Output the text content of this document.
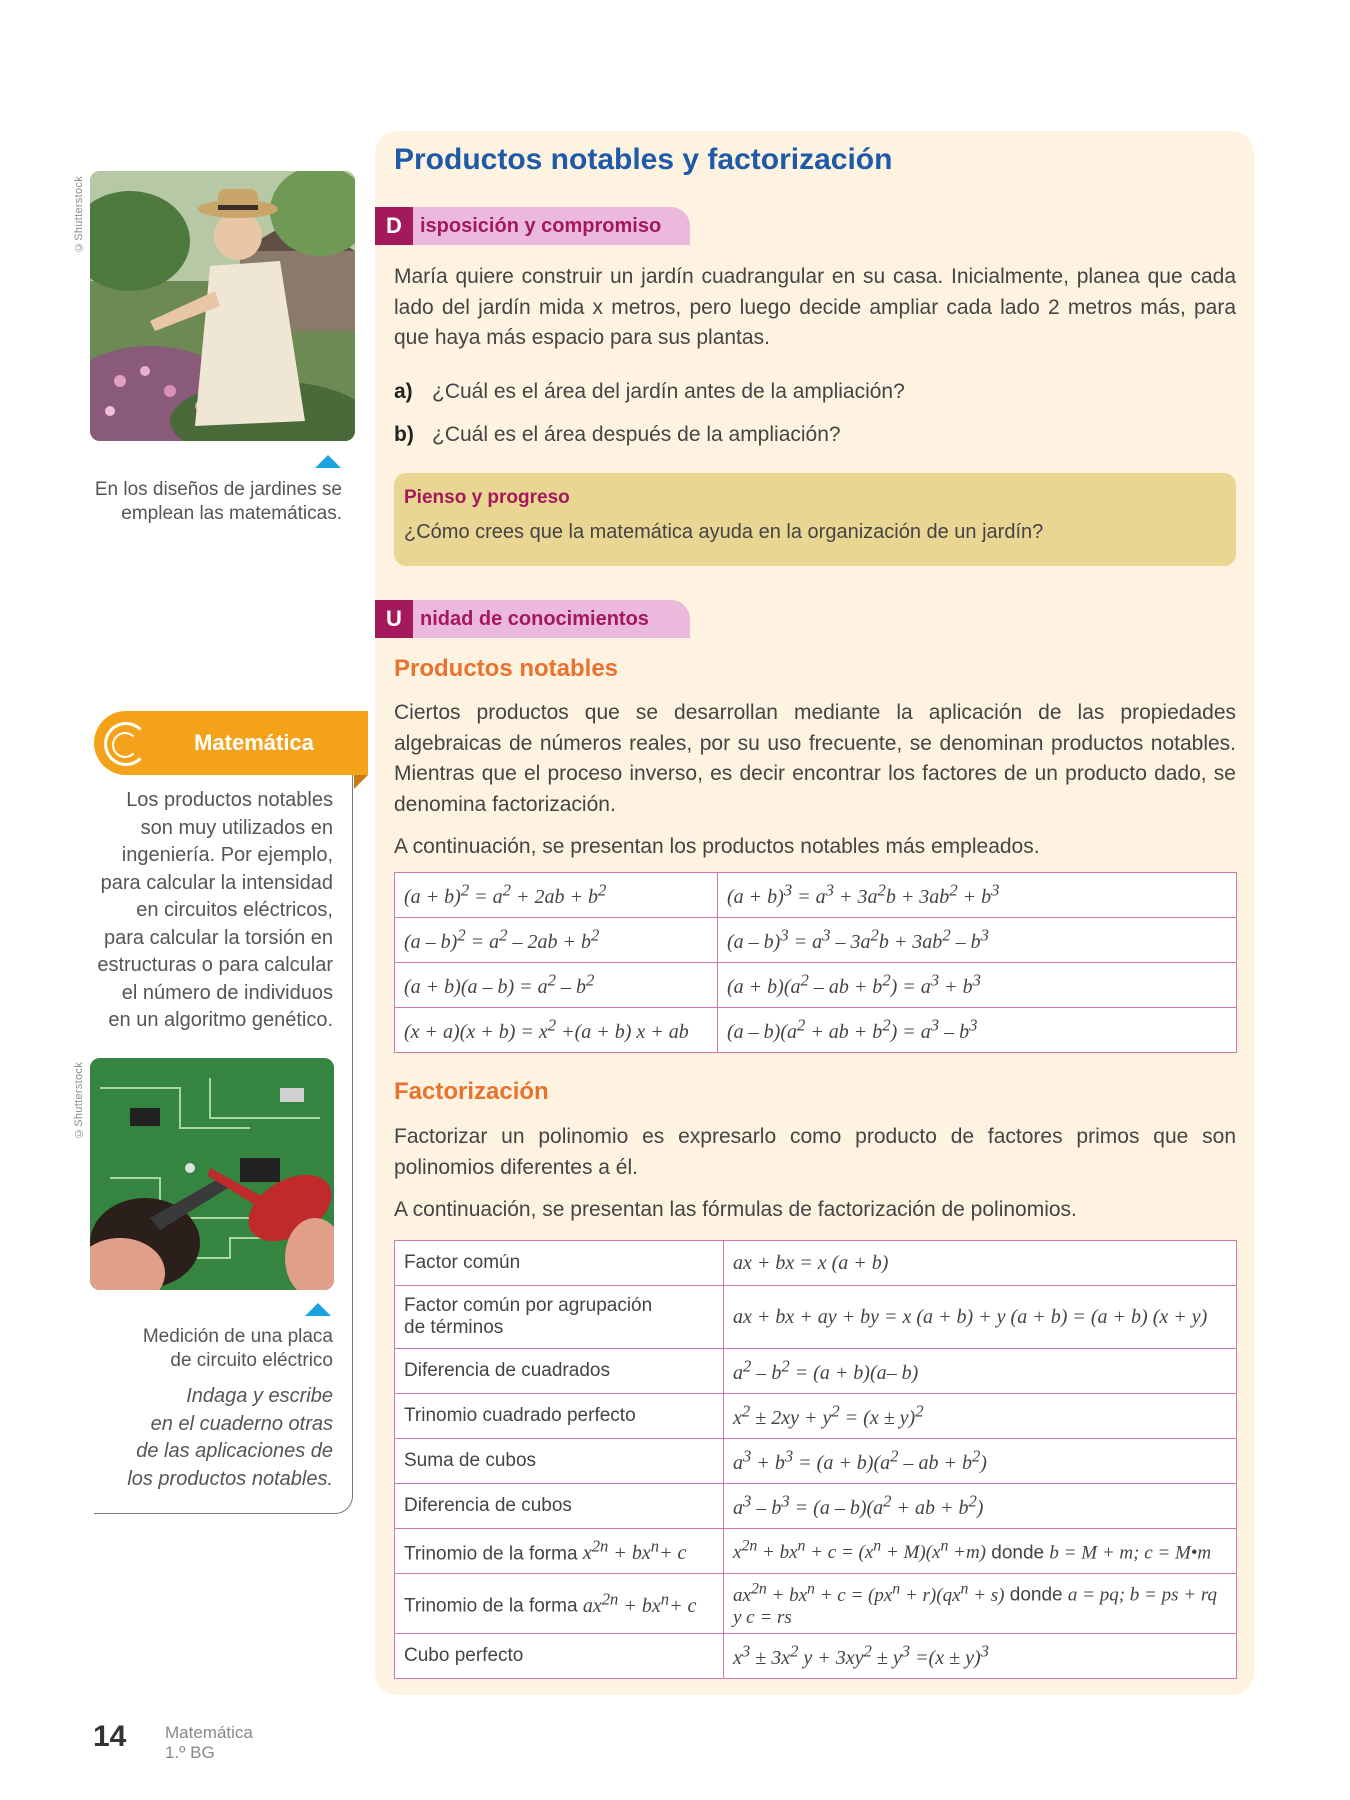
©Shutterstock
En los diseños de jardines se
emplean las matemáticas.
Matemática
Los productos notables
son muy utilizados en
ingeniería. Por ejemplo,
para calcular la intensidad
en circuitos eléctricos,
para calcular la torsión en
estructuras o para calcular
el número de individuos
en un algoritmo genético.
©Shutterstock
Medición de una placa
de circuito eléctrico
Indaga y escribe
en el cuaderno otras
de las aplicaciones de
los productos notables.
Productos notables y factorización
D isposición y compromiso
María quiere construir un jardín cuadrangular en su casa. Inicialmente, planea que cada lado del jardín mida x metros, pero luego decide ampliar cada lado 2 metros más, para que haya más espacio para sus plantas.
a) ¿Cuál es el área del jardín antes de la ampliación?
b) ¿Cuál es el área después de la ampliación?
Pienso y progreso
¿Cómo crees que la matemática ayuda en la organización de un jardín?
U nidad de conocimientos
Productos notables
Ciertos productos que se desarrollan mediante la aplicación de las propiedades algebraicas de números reales, por su uso frecuente, se denominan productos notables. Mientras que el proceso inverso, es decir encontrar los factores de un producto dado, se denomina factorización.
A continuación, se presentan los productos notables más empleados.
$(a + b)^2 = a^2 + 2ab + b^2$	$(a + b)^3 = a^3 + 3a^2b + 3ab^2 + b^3$
$(a - b)^2 = a^2 - 2ab + b^2$	$(a - b)^3 = a^3 - 3a^2b + 3ab^2 - b^3$
$(a + b)(a - b) = a^2 - b^2$	$(a + b)(a^2$ – ab + $b^2) = a^3 + b^3$
$(x + a)(x + b) = x^2 +(a + b) x$ + ab	$(a - b)(a^2$ + ab + $b^2) = a^3 - b^3$
Factorización
Factorizar un polinomio es expresarlo como producto de factores primos que son polinomios diferentes a él.
A continuación, se presentan las fórmulas de factorización de polinomios.
Factor común	ax + bx = x (a + b)

Factor común por agrupación
de términos	ax + bx + ay + by = x (a + b) + y (a + b) = (a + b) (x + y)
Diferencia de cuadrados	$a^2 - b^2 = (a + b)(a-$ b)
Trinomio cuadrado perfecto	$x^2 \pm 2xy + y^2 = (x \pm y)^2$
Suma de cubos	$a^3 + b^3 = (a + b)(a^2$ – ab + $b^2$)
Diferencia de cubos	$a^3 - b^3 = (a - b)(a^2$ + ab + $b^2$)
Trinomio de la forma $x^{2n} + bx^n+ c$	$x^{2n} + bx^n + c = (x^n + M)(x^n +m)$ donde b = M + m; c = M•m
Trinomio de la forma $ax^{2n} + bx^n+ c$	$ax^{2n} + bx^n + c = (px^n + r)(qx^n + s)$ donde a = pq; b = ps + rq
y c = rs
Cubo perfecto	$x^3 \pm 3x^2$ $y + 3xy^2 \pm y^3 =(x \pm y)^3$
14 Matemática
1.º BG
